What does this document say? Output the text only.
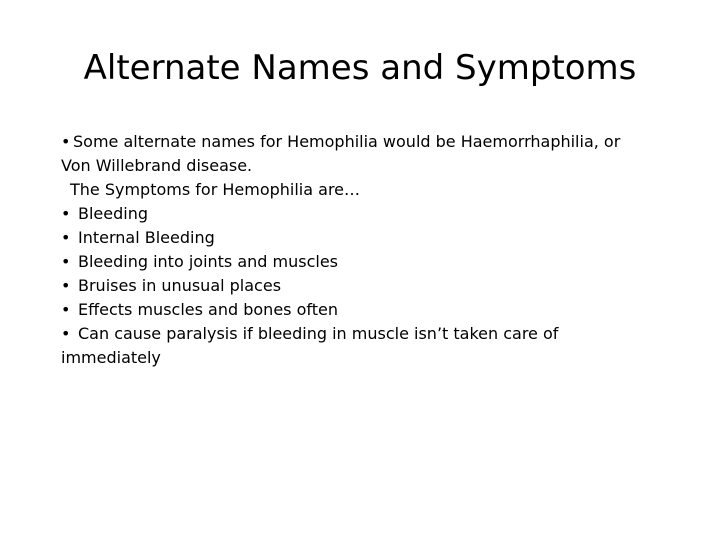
Alternate Names and Symptoms
• Some alternate names for Hemophilia would be Haemorrhaphilia, or
Von Willebrand disease.
The Symptoms for Hemophilia are…
• Bleeding
• Internal Bleeding
• Bleeding into joints and muscles
• Bruises in unusual places
• Effects muscles and bones often
• Can cause paralysis if bleeding in muscle isn’t taken care of
immediately
